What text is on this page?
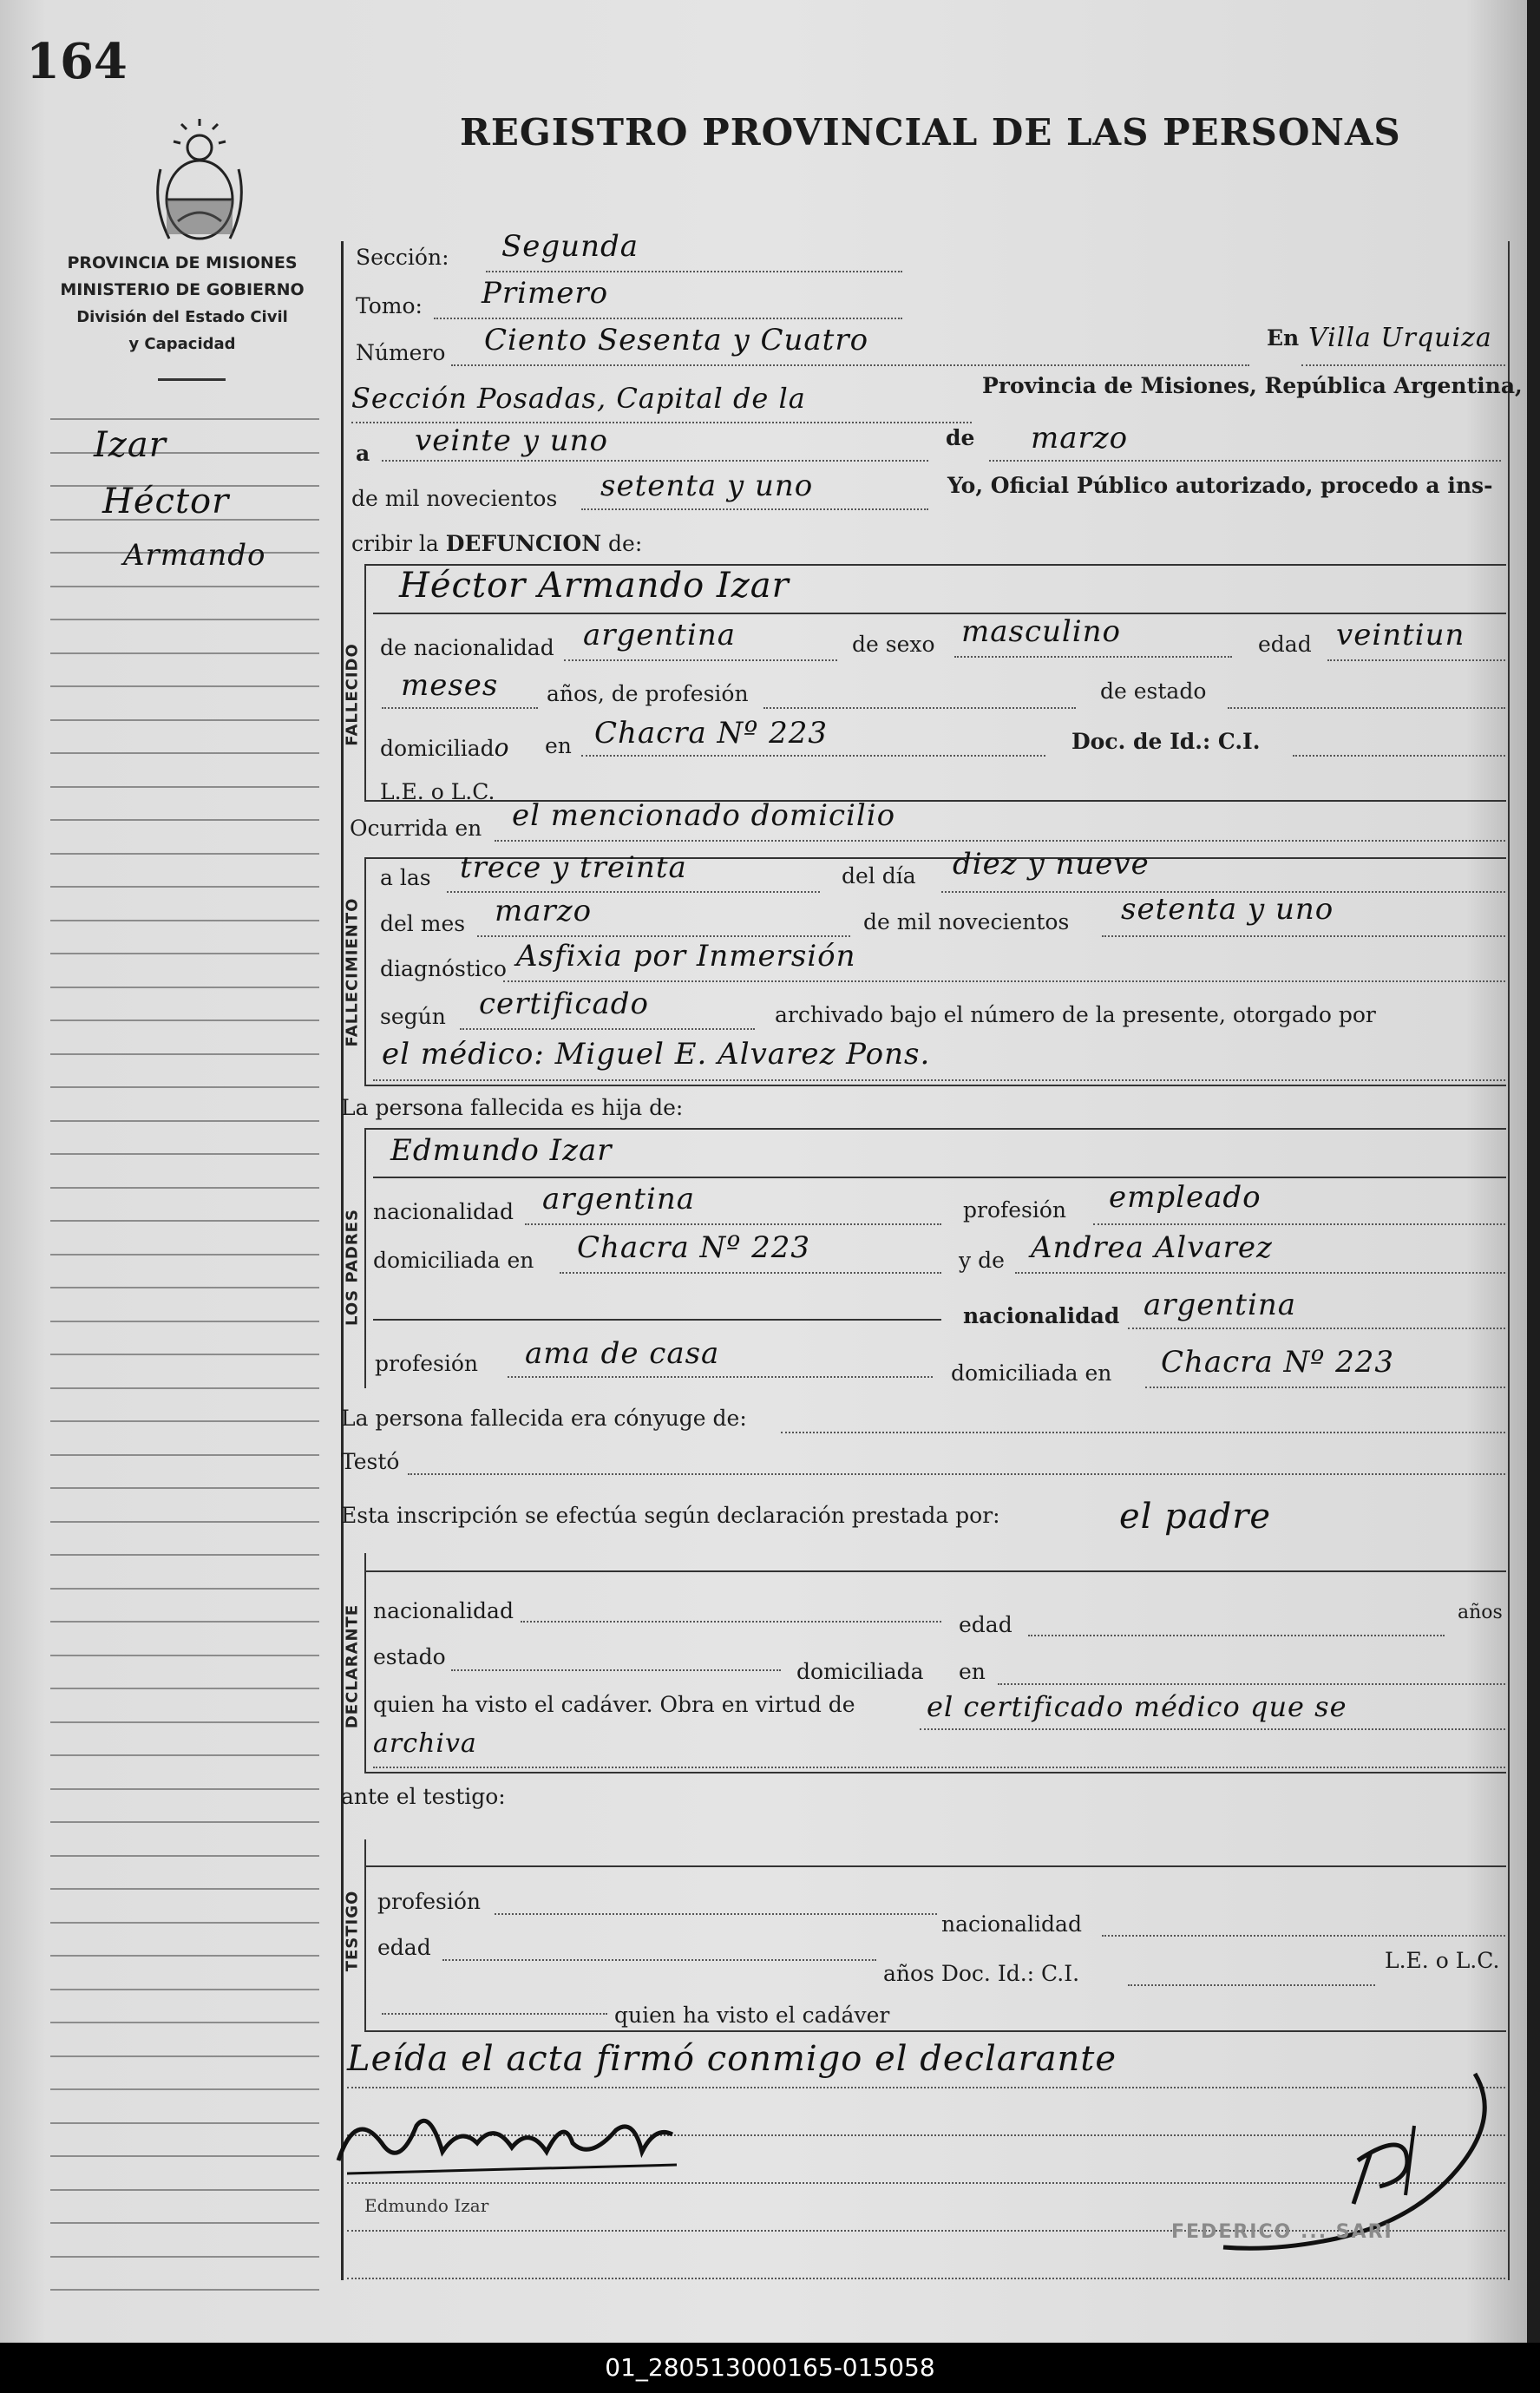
164
PROVINCIA DE MISIONES
MINISTERIO DE GOBIERNO
División del Estado Civil
y Capacidad
REGISTRO PROVINCIAL DE LAS PERSONAS
Izar
Héctor
Armando
Sección: Segunda
Tomo: Primero
Número Ciento Sesenta y Cuatro	En Villa Urquiza
Sección Posadas, Capital de la	Provincia de Misiones, República Argentina,
a veinte y uno	de marzo
de mil novecientos setenta y uno	Yo, Oficial Público autorizado, procedo a ins-
cribir la DEFUNCION de:
FALLECIDO
Héctor Armando Izar
de nacionalidad argentina	de sexo masculino	edad veintiun
meses años, de profesión	de estado
domiciliado en Chacra Nº 223	Doc. de Id.: C.I.
L.E. o L.C.
Ocurrida en el mencionado domicilio
FALLECIMIENTO
a las trece y treinta	del día diez y nueve
del mes marzo	de mil novecientos setenta y uno
diagnóstico Asfixia por Inmersión
según certificado	archivado bajo el número de la presente, otorgado por
el médico: Miguel E. Alvarez Pons.
La persona fallecida es hija de:
LOS PADRES
Edmundo Izar
nacionalidad argentina	profesión empleado
domiciliada en Chacra Nº 223	y de Andrea Alvarez
nacionalidad argentina
profesión ama de casa
domiciliada en Chacra Nº 223
La persona fallecida era cónyuge de:
Testó
Esta inscripción se efectúa según declaración prestada por:	el padre
DECLARANTE nacionalidad
edad	años
estado
domiciliada en
quien ha visto el cadáver. Obra en virtud de	el certificado médico que se
archiva
ante el testigo:
TESTIGO profesión
nacionalidad
edad
años Doc. Id.: C.I.
L.E. o L.C.
quien ha visto el cadáver
Leída el acta firmó conmigo el declarante
Edmundo Izar
FEDERICO ... SARI
01_280513000165-015058
